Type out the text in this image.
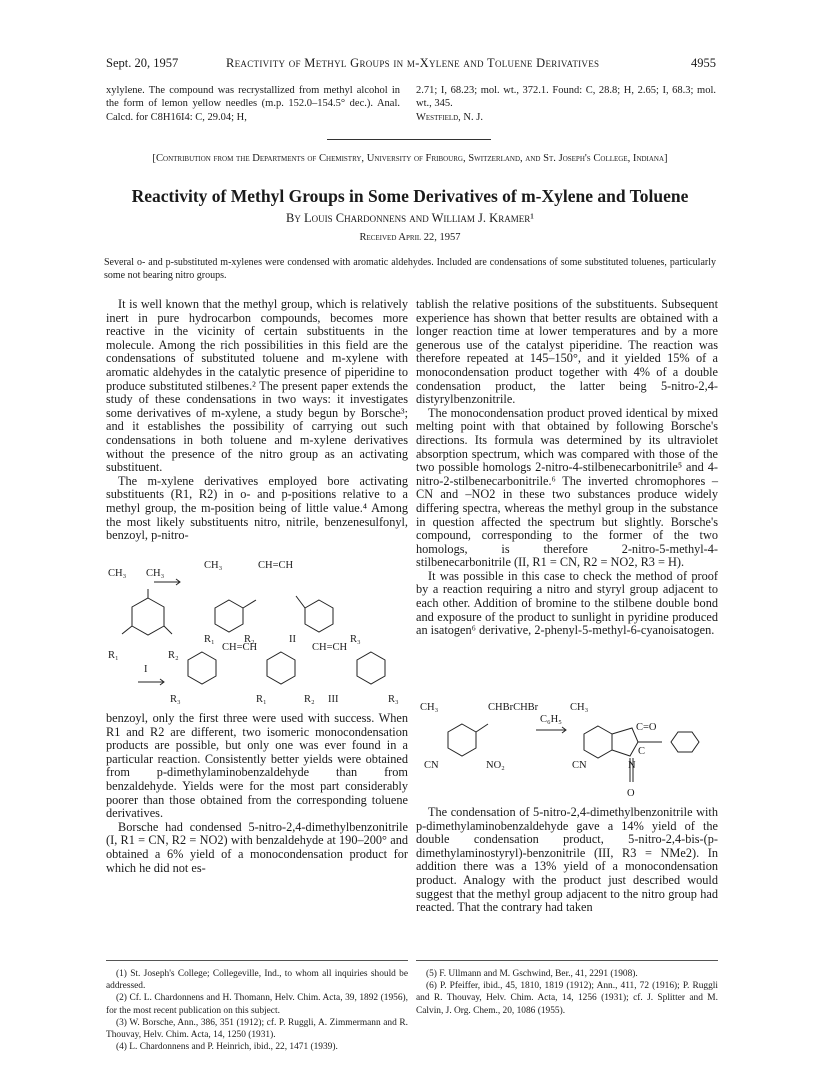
Sept. 20, 1957	Reactivity of Methyl Groups in m-Xylene and Toluene Derivatives	4955
xylylene. The compound was recrystallized from methyl alcohol in the form of lemon yellow needles (m.p. 152.0–154.5° dec.). Anal. Calcd. for C8H16I4: C, 29.04; H,
2.71; I, 68.23; mol. wt., 372.1. Found: C, 28.8; H, 2.65; I, 68.3; mol. wt., 345.
Westfield, N. J.
[Contribution from the Departments of Chemistry, University of Fribourg, Switzerland, and St. Joseph's College, Indiana]
Reactivity of Methyl Groups in Some Derivatives of m-Xylene and Toluene
By Louis Chardonnens and William J. Kramer¹
Received April 22, 1957
Several o- and p-substituted m-xylenes were condensed with aromatic aldehydes. Included are condensations of some substituted toluenes, particularly some not bearing nitro groups.

It is well known that the methyl group, which is relatively inert in pure hydrocarbon compounds, becomes more reactive in the vicinity of certain substituents in the molecule. Among the rich possibilities in this field are the condensations of substituted toluene and m-xylene with aromatic aldehydes in the catalytic presence of piperidine to produce substituted stilbenes.² The present paper extends the study of these condensations in two ways: it investigates some derivatives of m-xylene, a study begun by Borsche³; and it establishes the possibility of carrying out such condensations in both toluene and m-xylene derivatives without the presence of the nitro group as an activating substituent.

The m-xylene derivatives employed bore activating substituents (R1, R2) in o- and p-positions relative to a methyl group, the m-position being of little value.⁴ Among the most likely substituents nitro, nitrile, benzenesulfonyl, benzoyl, p-nitro-

CH₃ CH₃
R₁	R₂
I
CH₃	CH=CH
R₁	R₂	II	R₃
CH=CH	CH=CH
R₃	R₁	R₂ III	R₃

benzoyl, only the first three were used with success. When R1 and R2 are different, two isomeric monocondensation products are possible, but only one was ever found in a particular reaction. Consistently better yields were obtained from p-dimethylaminobenzaldehyde than from benzaldehyde. Yields were for the most part considerably poorer than those obtained from the corresponding toluene derivatives.

Borsche had condensed 5-nitro-2,4-dimethylbenzonitrile (I, R1 = CN, R2 = NO2) with benzaldehyde at 190–200° and obtained a 6% yield of a monocondensation product for which he did not es-

(1) St. Joseph's College; Collegeville, Ind., to whom all inquiries should be addressed.

(2) Cf. L. Chardonnens and H. Thomann, Helv. Chim. Acta, 39, 1892 (1956), for the most recent publication on this subject.

(3) W. Borsche, Ann., 386, 351 (1912); cf. P. Ruggli, A. Zimmermann and R. Thouvay, Helv. Chim. Acta, 14, 1250 (1931).

(4) L. Chardonnens and P. Heinrich, ibid., 22, 1471 (1939).

tablish the relative positions of the substituents. Subsequent experience has shown that better results are obtained with a longer reaction time at lower temperatures and by a more generous use of the catalyst piperidine. The reaction was therefore repeated at 145–150°, and it yielded 15% of a monocondensation product together with 4% of a double condensation product, the latter being 5-nitro-2,4-distyrylbenzonitrile.

The monocondensation product proved identical by mixed melting point with that obtained by following Borsche's directions. Its formula was determined by its ultraviolet absorption spectrum, which was compared with those of the two possible homologs 2-nitro-4-stilbenecarbonitrile⁵ and 4-nitro-2-stilbenecarbonitrile.⁶ The inverted chromophores –CN and –NO2 in these two substances produce widely differing spectra, whereas the methyl group in the substance in question affected the spectrum but slightly. Borsche's compound, corresponding to the former of the two homologs, is therefore 2-nitro-5-methyl-4-stilbenecarbonitrile (II, R1 = CN, R2 = NO2, R3 = H).

It was possible in this case to check the method of proof by a reaction requiring a nitro and styryl group adjacent to each other. Addition of bromine to the stilbene double bond and exposure of the product to sunlight in pyridine produced an isatogen⁶ derivative, 2-phenyl-5-methyl-6-cyanoisatogen.

CH₃	CHBrCHBr
C₆H₅
CH₃
CN	NO₂	CN	N
O
C=O
C

The condensation of 5-nitro-2,4-dimethylbenzonitrile with p-dimethylaminobenzaldehyde gave a 14% yield of the double condensation product, 5-nitro-2,4-bis-(p-dimethylaminostyryl)-benzonitrile (III, R3 = NMe2). In addition there was a 13% yield of a monocondensation product. Analogy with the product just described would suggest that the methyl group adjacent to the nitro group had reacted. That the contrary had taken

(5) F. Ullmann and M. Gschwind, Ber., 41, 2291 (1908).

(6) P. Pfeiffer, ibid., 45, 1810, 1819 (1912); Ann., 411, 72 (1916); P. Ruggli and R. Thouvay, Helv. Chim. Acta, 14, 1256 (1931); cf. J. Splitter and M. Calvin, J. Org. Chem., 20, 1086 (1955).
